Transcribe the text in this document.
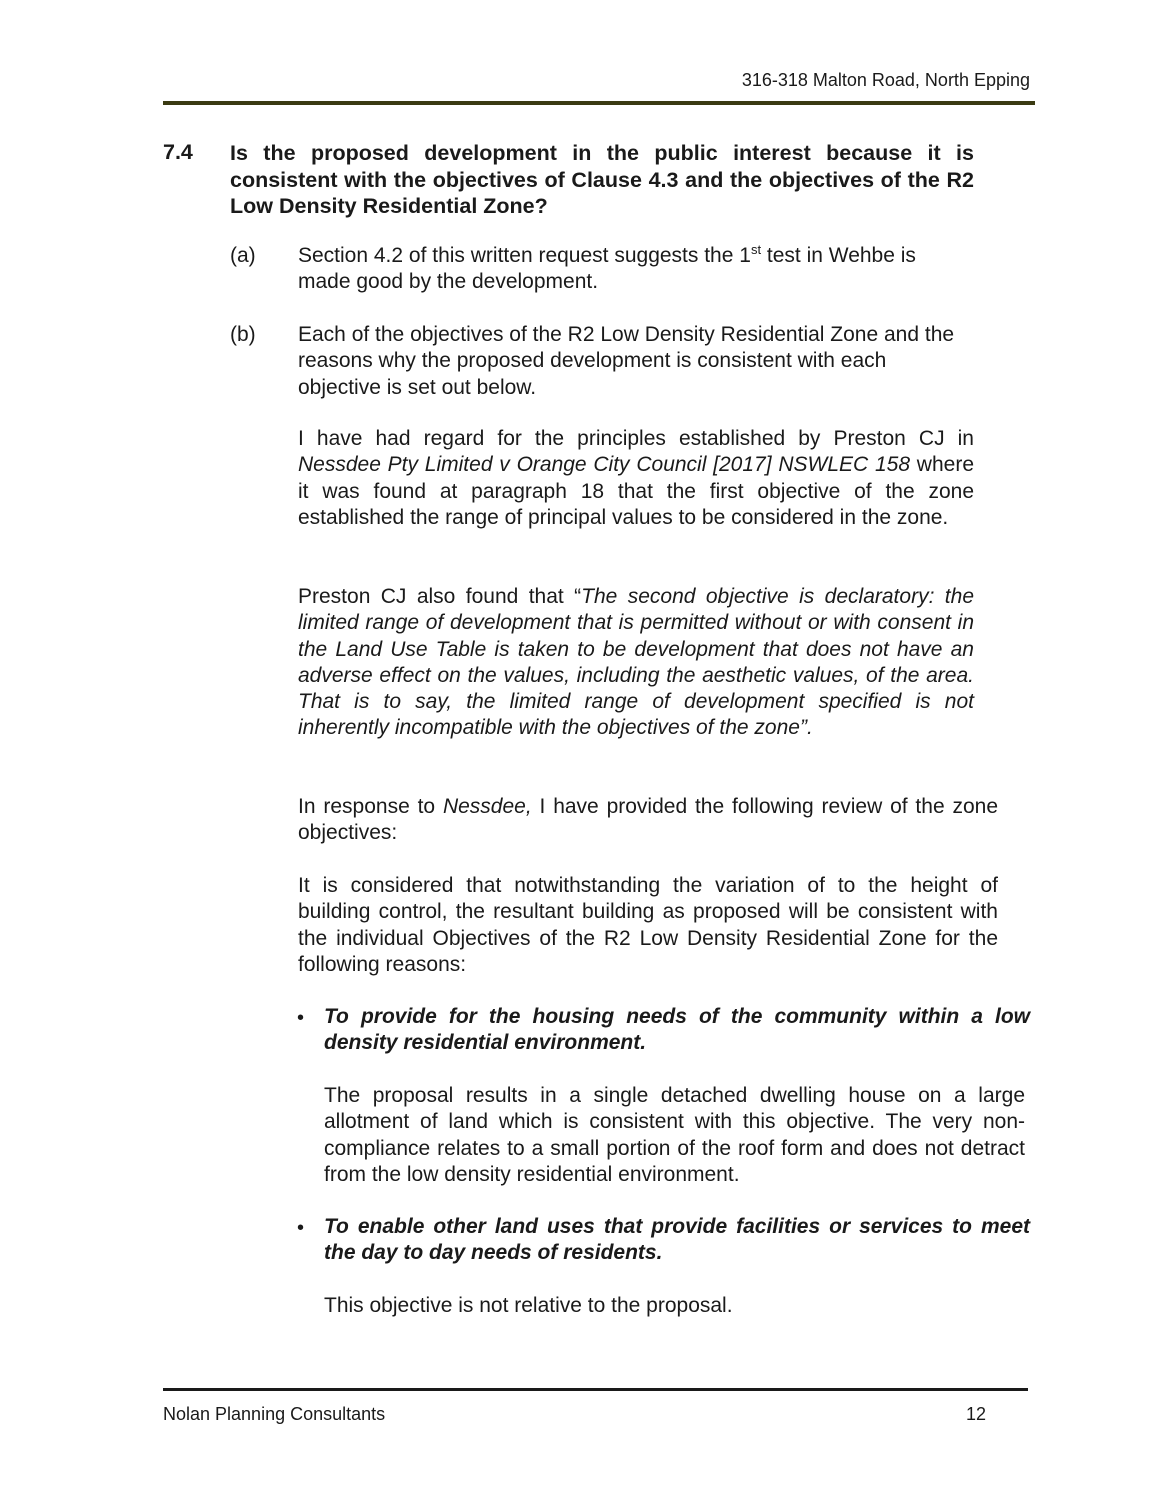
316-318 Malton Road, North Epping
7.4 Is the proposed development in the public interest because it is consistent with the objectives of Clause 4.3 and the objectives of the R2 Low Density Residential Zone?
(a) Section 4.2 of this written request suggests the 1st test in Wehbe is made good by the development.
(b) Each of the objectives of the R2 Low Density Residential Zone and the reasons why the proposed development is consistent with each objective is set out below.
I have had regard for the principles established by Preston CJ in Nessdee Pty Limited v Orange City Council [2017] NSWLEC 158 where it was found at paragraph 18 that the first objective of the zone established the range of principal values to be considered in the zone.
Preston CJ also found that “The second objective is declaratory: the limited range of development that is permitted without or with consent in the Land Use Table is taken to be development that does not have an adverse effect on the values, including the aesthetic values, of the area. That is to say, the limited range of development specified is not inherently incompatible with the objectives of the zone”.
In response to Nessdee, I have provided the following review of the zone objectives:
It is considered that notwithstanding the variation of to the height of building control, the resultant building as proposed will be consistent with the individual Objectives of the R2 Low Density Residential Zone for the following reasons:
• To provide for the housing needs of the community within a low density residential environment.
The proposal results in a single detached dwelling house on a large allotment of land which is consistent with this objective. The very non-compliance relates to a small portion of the roof form and does not detract from the low density residential environment.
• To enable other land uses that provide facilities or services to meet the day to day needs of residents.
This objective is not relative to the proposal.
Nolan Planning Consultants	12
